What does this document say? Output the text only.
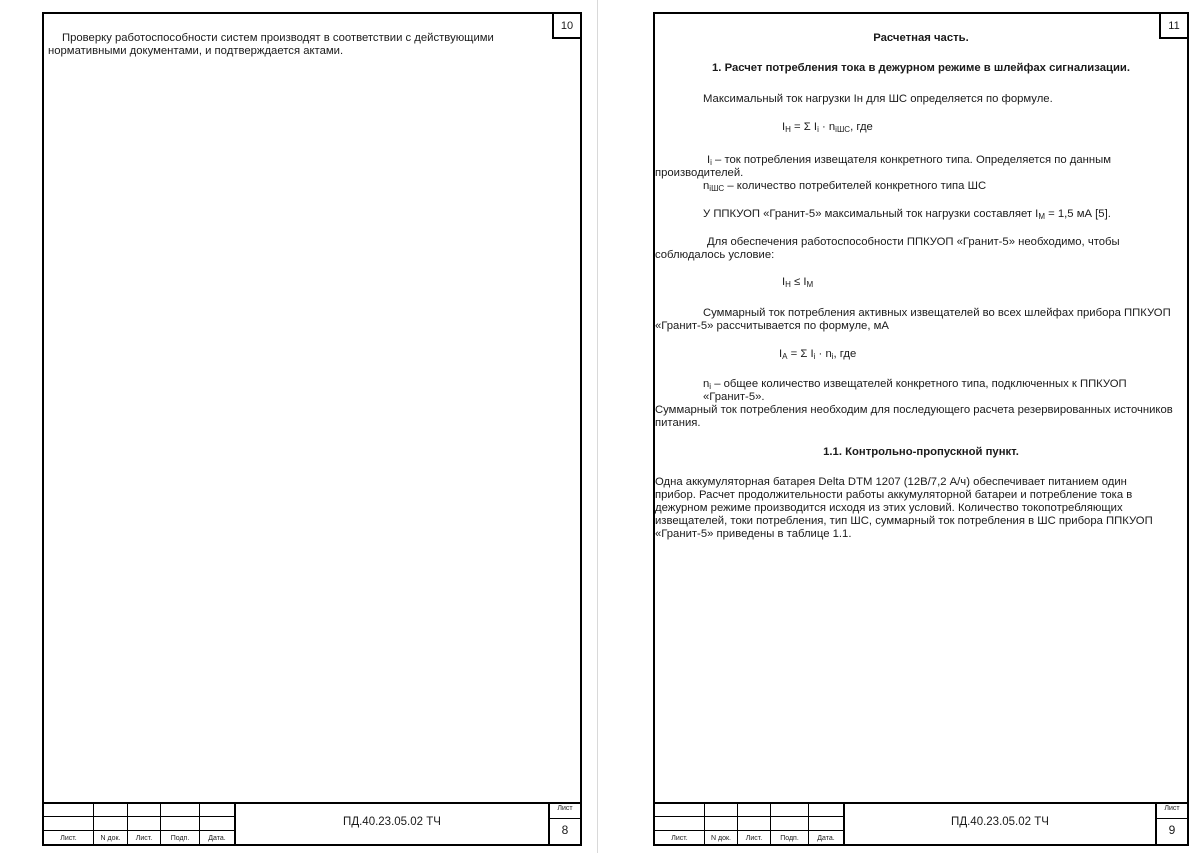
10

Проверку работоспособности систем производят в соответствии с действующими нормативными документами, и подтверждается актами.

Лист.	N док.	Лист.	Подп.	Дата.
ПД.40.23.05.02 ТЧ
Лист
8
11

Расчетная часть.

1. Расчет потребления тока в дежурном режиме в шлейфах сигнализации.

Максимальный ток нагрузки Iн для ШС определяется по формуле.

$I_Н = \Sigma$ $I_i \cdot n_{iШС}$, где

$I_i$ – ток потребления извещателя конкретного типа. Определяется по данным производителей.

$n_{iШС}$ – количество потребителей конкретного типа ШС

У ППКУОП «Гранит-5» максимальный ток нагрузки составляет $I_M = 1,5$ мА [5].

Для обеспечения работоспособности ППКУОП «Гранит-5» необходимо, чтобы соблюдалось условие:

$I_Н \le I_M$

Суммарный ток потребления активных извещателей во всех шлейфах прибора ППКУОП «Гранит-5» рассчитывается по формуле, мА

$I_A = \Sigma$ $I_i \cdot n_i$, где

$n_i$ – общее количество извещателей конкретного типа, подключенных к ППКУОП «Гранит-5».

Суммарный ток потребления необходим для последующего расчета резервированных источников питания.

1.1. Контрольно-пропускной пункт.

Одна аккумуляторная батарея Delta DTM 1207 (12В/7,2 А/ч) обеспечивает питанием один прибор. Расчет продолжительности работы аккумуляторной батареи и потребление тока в дежурном режиме производится исходя из этих условий. Количество токопотребляющих извещателей, токи потребления, тип ШС, суммарный ток потребления в ШС прибора ППКУОП «Гранит-5» приведены в таблице 1.1.

Лист.	N док.	Лист.	Подп.	Дата.
ПД.40.23.05.02 ТЧ
Лист
9
